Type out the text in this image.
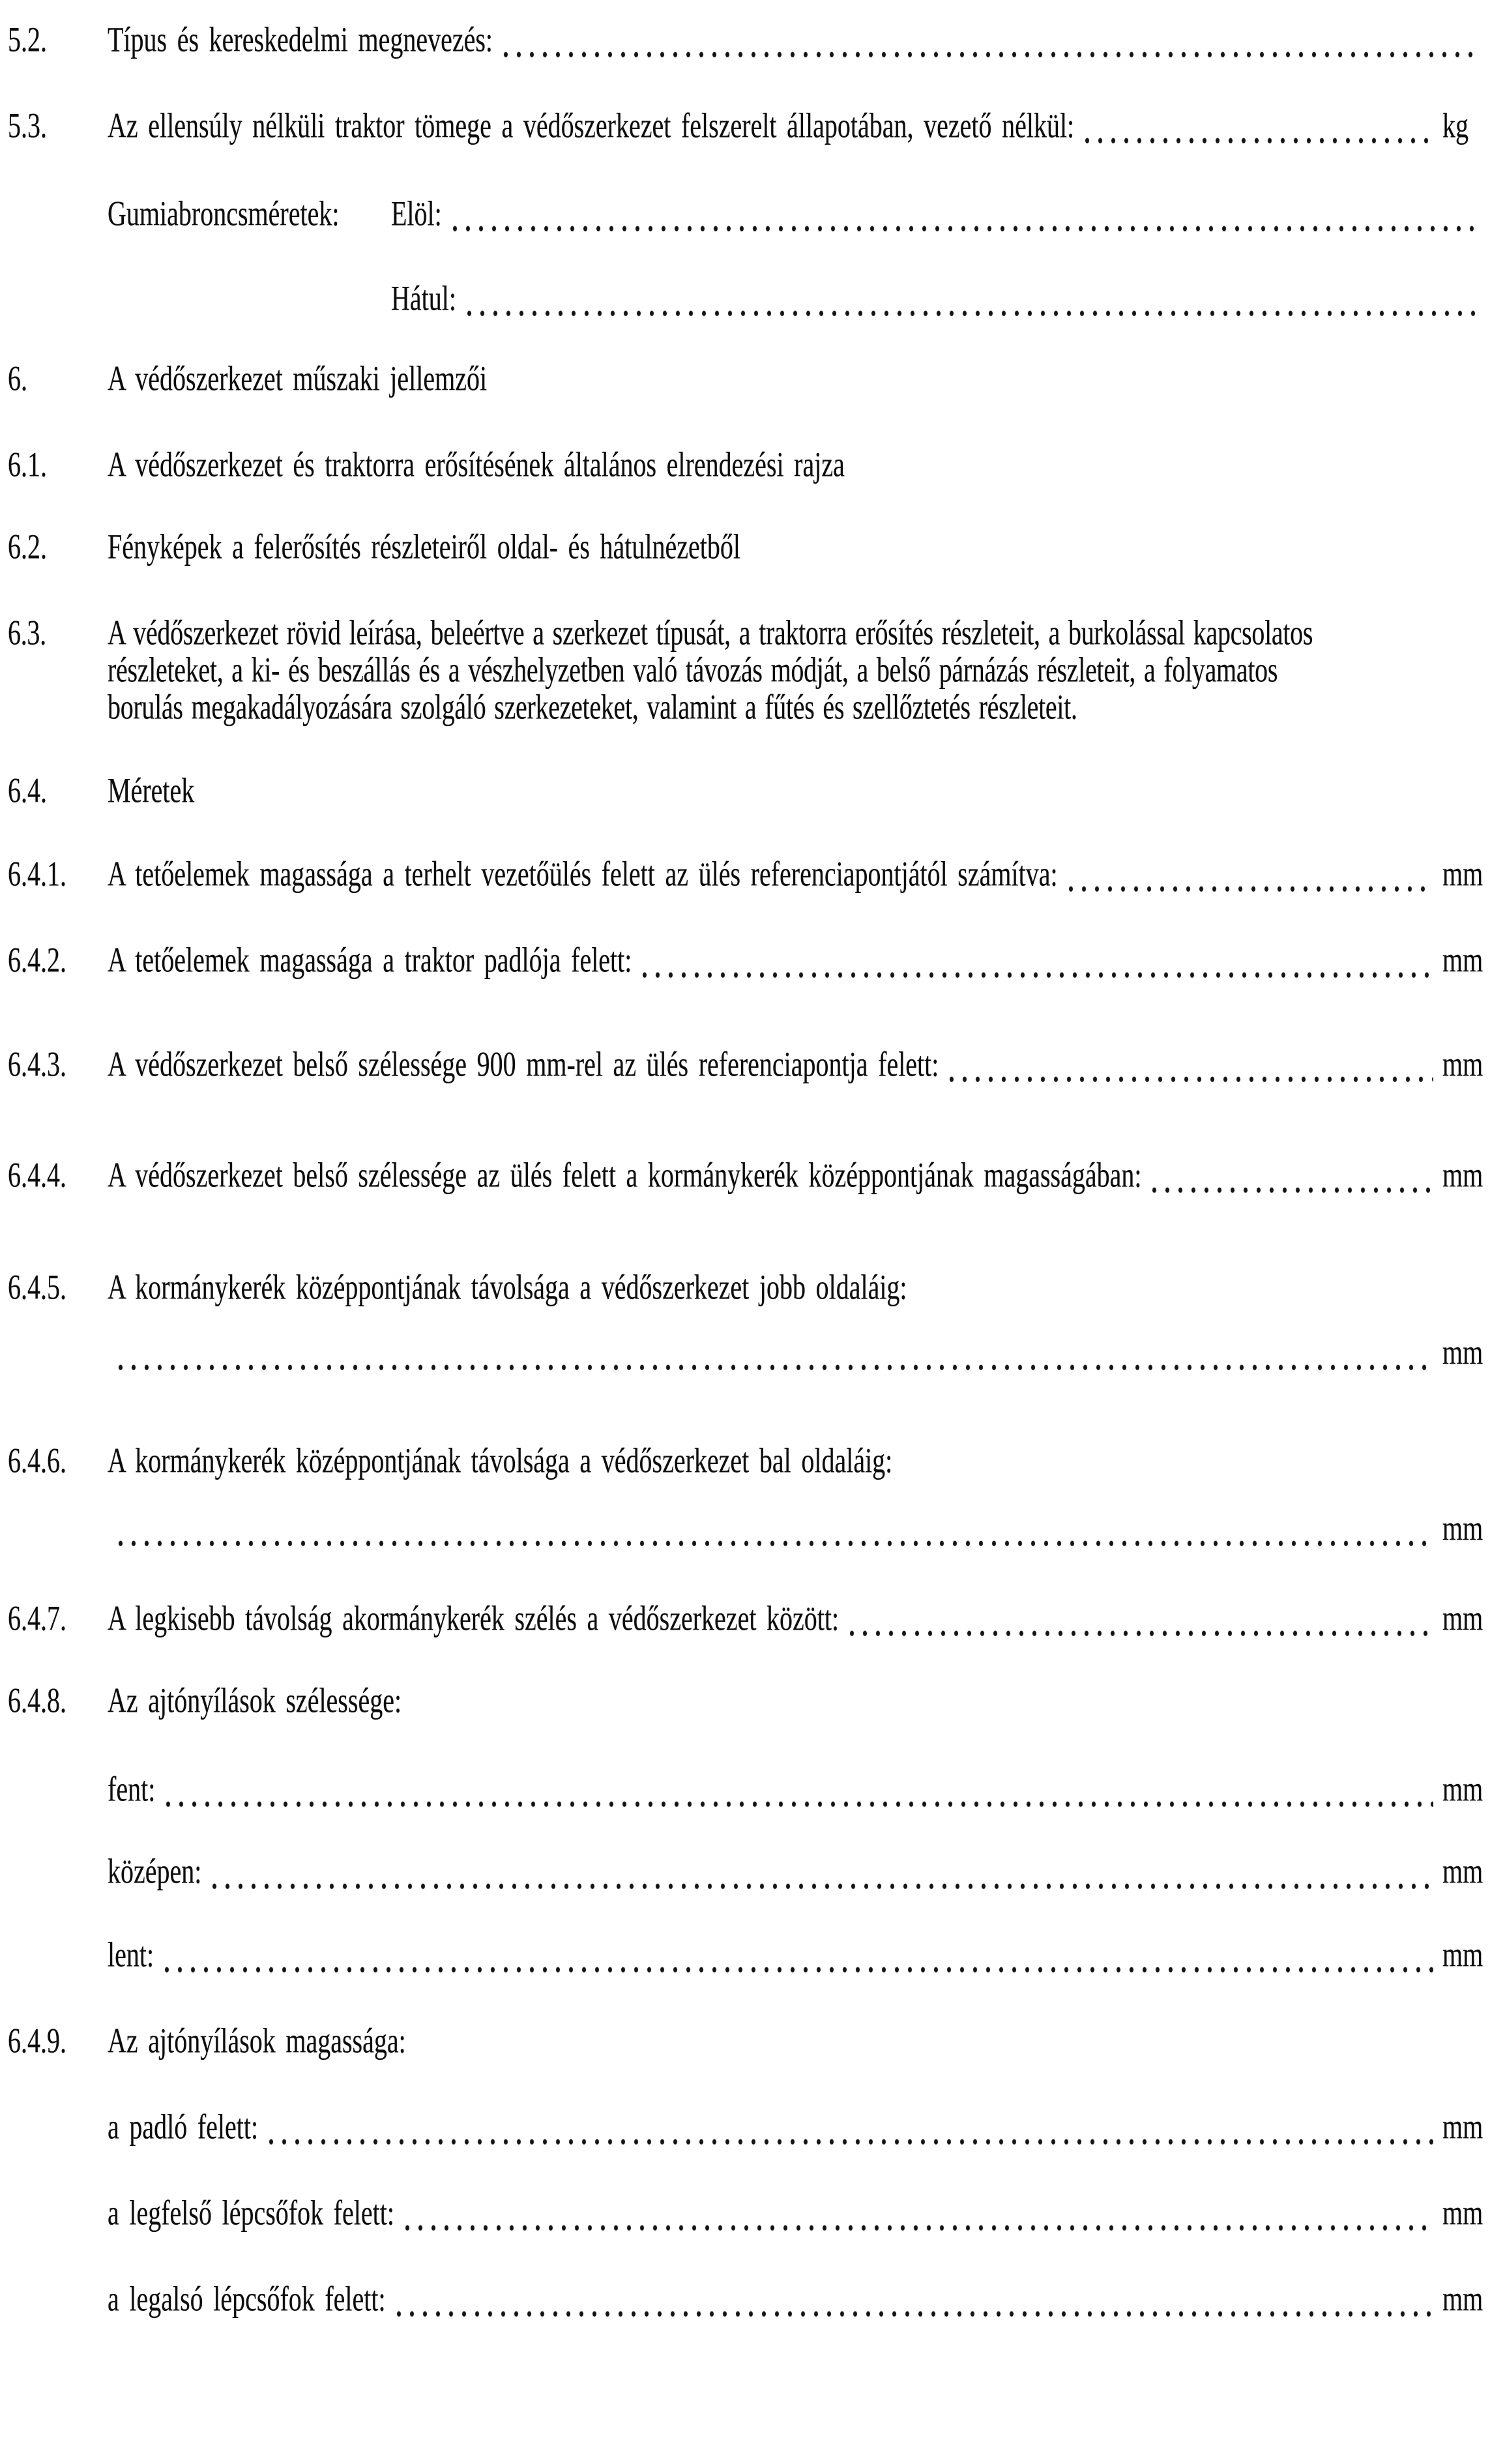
5.2.	Típus és kereskedelmi megnevezés:
5.3.	Az ellensúly nélküli traktor tömege a védőszerkezet felszerelt állapotában, vezető nélkül:	kg
Gumiabroncsméretek:	Elöl:
Hátul:
6.	A védőszerkezet műszaki jellemzői
6.1.	A védőszerkezet és traktorra erősítésének általános elrendezési rajza
6.2.	Fényképek a felerősítés részleteiről oldal- és hátulnézetből
6.3.	A védőszerkezet rövid leírása, beleértve a szerkezet típusát, a traktorra erősítés részleteit, a burkolással kapcsolatos
részleteket, a ki- és beszállás és a vészhelyzetben való távozás módját, a belső párnázás részleteit, a folyamatos
borulás megakadályozására szolgáló szerkezeteket, valamint a fűtés és szellőztetés részleteit.
6.4.	Méretek
6.4.1.	A tetőelemek magassága a terhelt vezetőülés felett az ülés referenciapontjától számítva:	mm
6.4.2.	A tetőelemek magassága a traktor padlója felett:	mm
6.4.3.	A védőszerkezet belső szélessége 900 mm-rel az ülés referenciapontja felett:	mm
6.4.4.	A védőszerkezet belső szélessége az ülés felett a kormánykerék középpontjának magasságában:	mm
6.4.5.	A kormánykerék középpontjának távolsága a védőszerkezet jobb oldaláig:
mm
6.4.6.	A kormánykerék középpontjának távolsága a védőszerkezet bal oldaláig:
mm
6.4.7.	A legkisebb távolság akormánykerék szélés a védőszerkezet között:	mm
6.4.8.	Az ajtónyílások szélessége:
fent:	mm
középen:	mm
lent:	mm
6.4.9.	Az ajtónyílások magassága:
a padló felett:	mm
a legfelső lépcsőfok felett:	mm
a legalsó lépcsőfok felett:	mm
